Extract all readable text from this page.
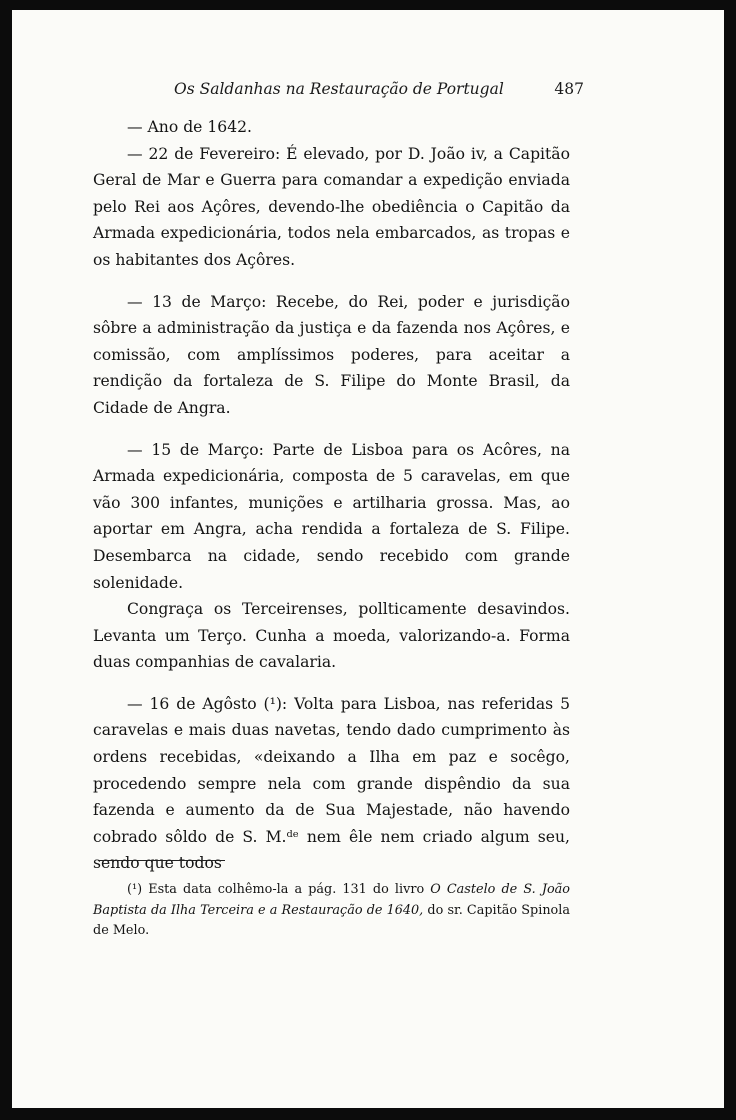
Os Saldanhas na Restauração de Portugal	487

— Ano de 1642.

— 22 de Fevereiro: É elevado, por D. João iv, a Capitão Geral de Mar e Guerra para comandar a expedição enviada pelo Rei aos Açôres, devendo-lhe obediência o Capitão da Armada expedicionária, todos nela embarcados, as tropas e os habitantes dos Açôres.

— 13 de Março: Recebe, do Rei, poder e jurisdição sôbre a administração da justiça e da fazenda nos Açôres, e comissão, com amplíssimos poderes, para aceitar a rendição da fortaleza de S. Filipe do Monte Brasil, da Cidade de Angra.

— 15 de Março: Parte de Lisboa para os Acôres, na Armada expedicionária, composta de 5 caravelas, em que vão 300 infantes, munições e artilharia grossa. Mas, ao aportar em Angra, acha rendida a fortaleza de S. Filipe. Desembarca na cidade, sendo recebido com grande solenidade.

Congraça os Terceirenses, pollticamente desavindos. Levanta um Terço. Cunha a moeda, valorizando-a. Forma duas companhias de cavalaria.

— 16 de Agôsto (¹): Volta para Lisboa, nas referidas 5 caravelas e mais duas navetas, tendo dado cumprimento às ordens recebidas, «deixando a Ilha em paz e socêgo, procedendo sempre nela com grande dispêndio da sua fazenda e aumento da de Sua Majestade, não havendo cobrado sôldo de S. M.ᵈᵉ nem êle nem criado algum seu, sendo que todos

(¹) Esta data colhêmo-la a pág. 131 do livro O Castelo de S. João Baptista da Ilha Terceira e a Restauração de 1640, do sr. Capitão Spinola de Melo.
